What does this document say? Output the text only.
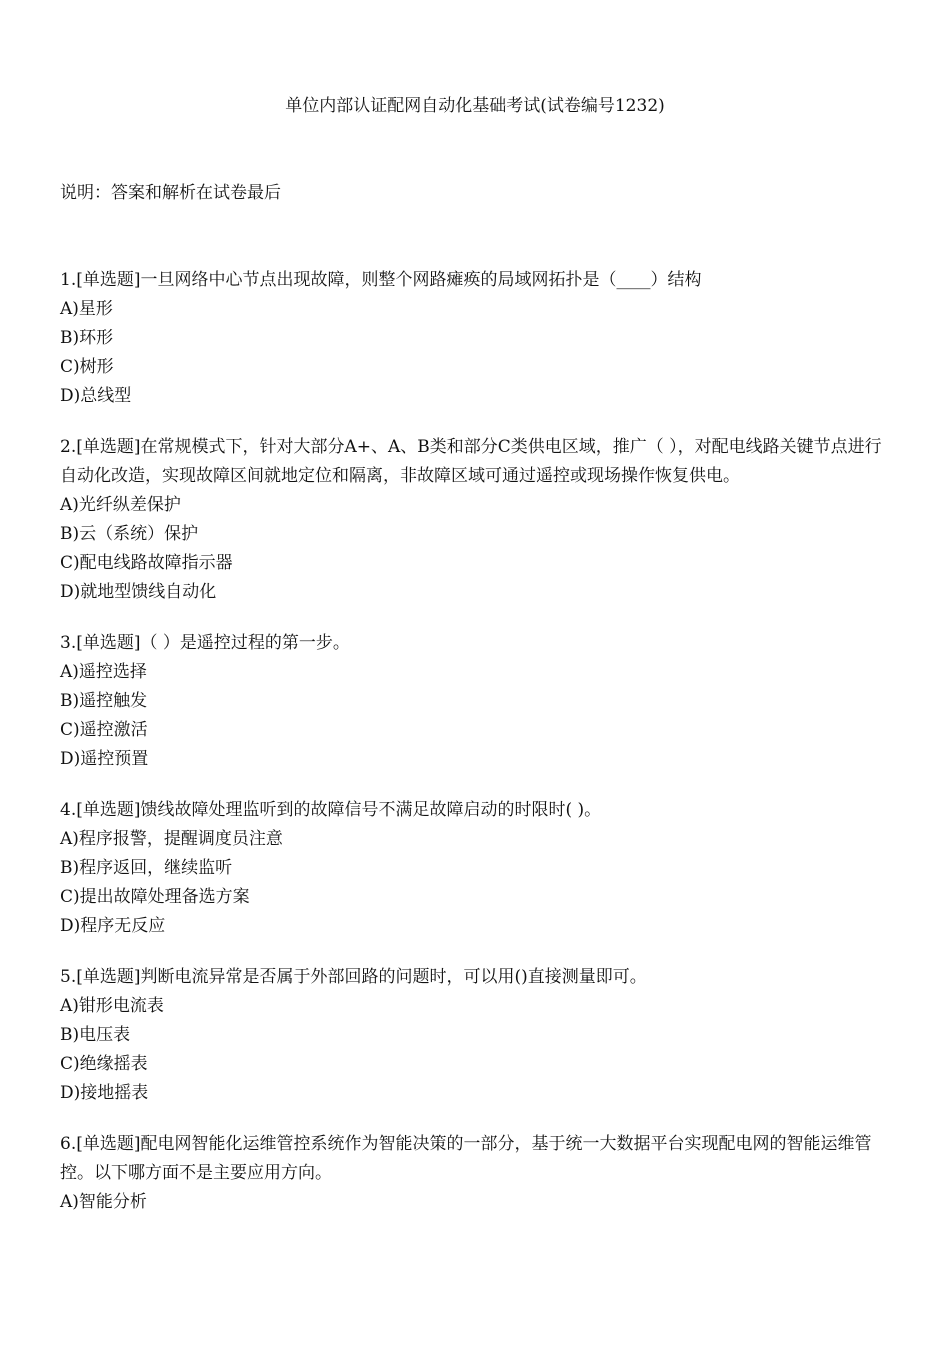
单位内部认证配网自动化基础考试(试卷编号1232)
说明：答案和解析在试卷最后

1.[单选题]一旦网络中心节点出现故障，则整个网路瘫痪的局域网拓扑是（____）结构

A)星形

B)环形

C)树形

D)总线型

2.[单选题]在常规模式下，针对大部分A+、A、B类和部分C类供电区域，推广（ ），对配电线路关键节点进行自动化改造，实现故障区间就地定位和隔离，非故障区域可通过遥控或现场操作恢复供电。

A)光纤纵差保护

B)云（系统）保护

C)配电线路故障指示器

D)就地型馈线自动化

3.[单选题]（ ）是遥控过程的第一步。

A)遥控选择

B)遥控触发

C)遥控激活

D)遥控预置

4.[单选题]馈线故障处理监听到的故障信号不满足故障启动的时限时( )。

A)程序报警，提醒调度员注意

B)程序返回，继续监听

C)提出故障处理备选方案

D)程序无反应

5.[单选题]判断电流异常是否属于外部回路的问题时，可以用()直接测量即可。

A)钳形电流表

B)电压表

C)绝缘摇表

D)接地摇表

6.[单选题]配电网智能化运维管控系统作为智能决策的一部分，基于统一大数据平台实现配电网的智能运维管控。以下哪方面不是主要应用方向。

A)智能分析
